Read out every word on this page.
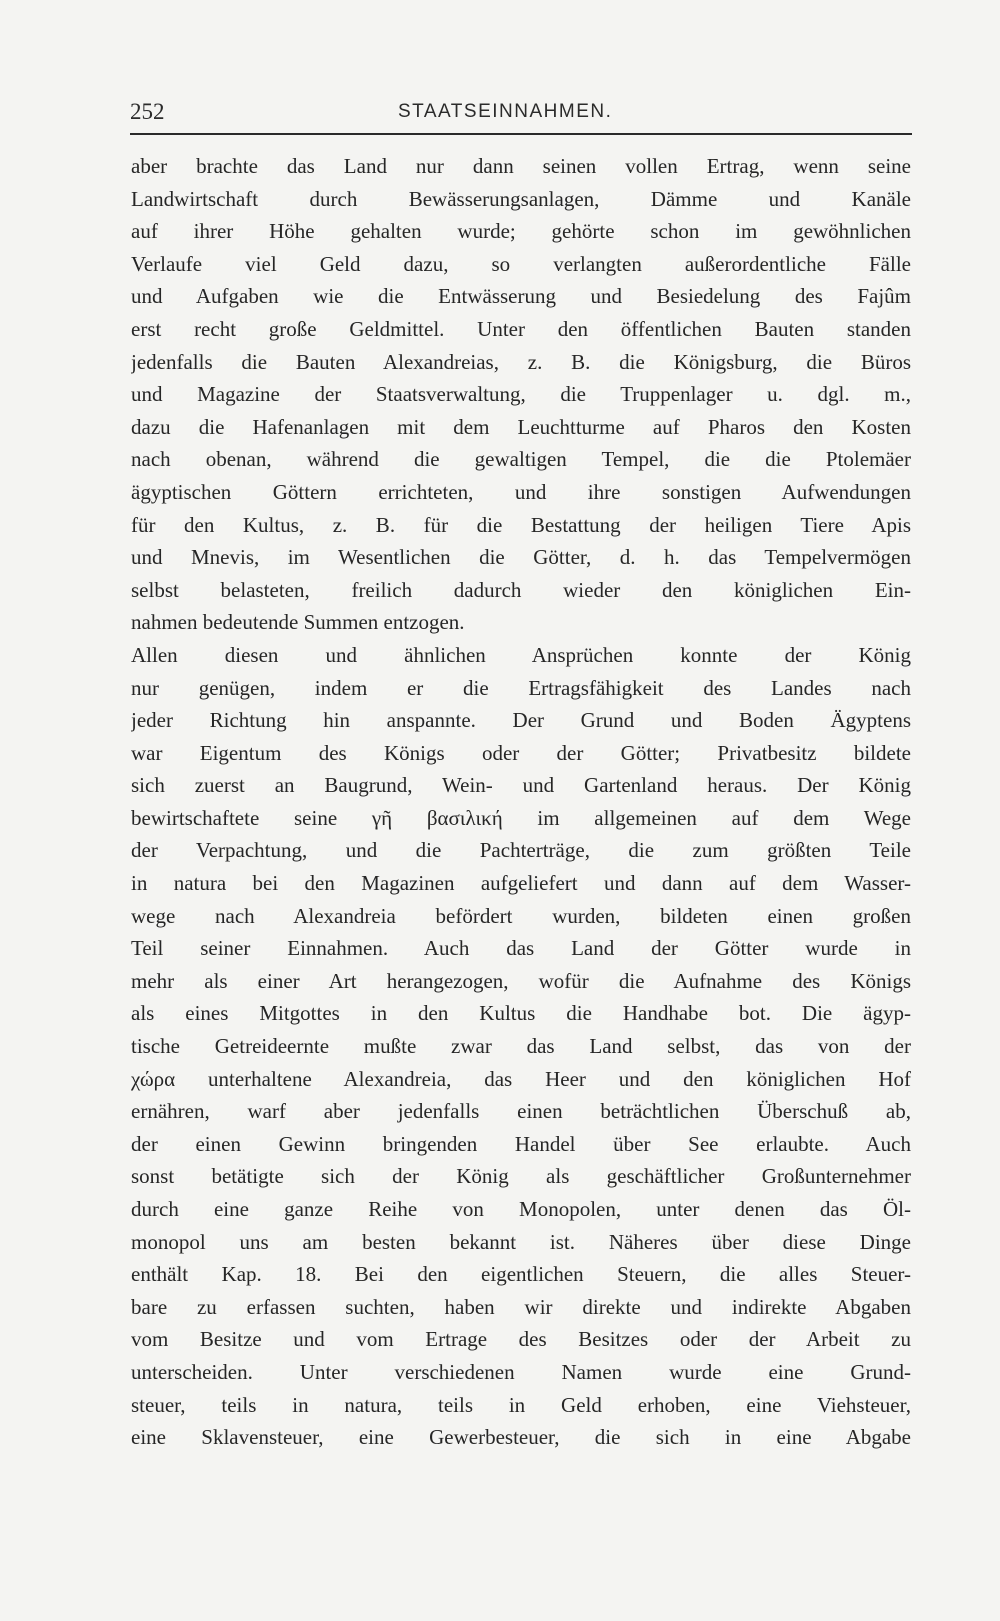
252	STAATSEINNAHMEN.
aber brachte das Land nur dann seinen vollen Ertrag, wenn seine
Landwirtschaft durch Bewässerungsanlagen, Dämme und Kanäle
auf ihrer Höhe gehalten wurde; gehörte schon im gewöhnlichen
Verlaufe viel Geld dazu, so verlangten außerordentliche Fälle
und Aufgaben wie die Entwässerung und Besiedelung des Fajûm
erst recht große Geldmittel. Unter den öffentlichen Bauten standen
jedenfalls die Bauten Alexandreias, z. B. die Königsburg, die Büros
und Magazine der Staatsverwaltung, die Truppenlager u. dgl. m.,
dazu die Hafenanlagen mit dem Leuchtturme auf Pharos den Kosten
nach obenan, während die gewaltigen Tempel, die die Ptolemäer
ägyptischen Göttern errichteten, und ihre sonstigen Aufwendungen
für den Kultus, z. B. für die Bestattung der heiligen Tiere Apis
und Mnevis, im Wesentlichen die Götter, d. h. das Tempelvermögen
selbst belasteten, freilich dadurch wieder den königlichen Ein-
nahmen bedeutende Summen entzogen.
Allen diesen und ähnlichen Ansprüchen konnte der König
nur genügen, indem er die Ertragsfähigkeit des Landes nach
jeder Richtung hin anspannte. Der Grund und Boden Ägyptens
war Eigentum des Königs oder der Götter; Privatbesitz bildete
sich zuerst an Baugrund, Wein- und Gartenland heraus. Der König
bewirtschaftete seine γῆ βασιλική im allgemeinen auf dem Wege
der Verpachtung, und die Pachterträge, die zum größten Teile
in natura bei den Magazinen aufgeliefert und dann auf dem Wasser-
wege nach Alexandreia befördert wurden, bildeten einen großen
Teil seiner Einnahmen. Auch das Land der Götter wurde in
mehr als einer Art herangezogen, wofür die Aufnahme des Königs
als eines Mitgottes in den Kultus die Handhabe bot. Die ägyp-
tische Getreideernte mußte zwar das Land selbst, das von der
χώρα unterhaltene Alexandreia, das Heer und den königlichen Hof
ernähren, warf aber jedenfalls einen beträchtlichen Überschuß ab,
der einen Gewinn bringenden Handel über See erlaubte. Auch
sonst betätigte sich der König als geschäftlicher Großunternehmer
durch eine ganze Reihe von Monopolen, unter denen das Öl-
monopol uns am besten bekannt ist. Näheres über diese Dinge
enthält Kap. 18. Bei den eigentlichen Steuern, die alles Steuer-
bare zu erfassen suchten, haben wir direkte und indirekte Abgaben
vom Besitze und vom Ertrage des Besitzes oder der Arbeit zu
unterscheiden. Unter verschiedenen Namen wurde eine Grund-
steuer, teils in natura, teils in Geld erhoben, eine Viehsteuer,
eine Sklavensteuer, eine Gewerbesteuer, die sich in eine Abgabe
